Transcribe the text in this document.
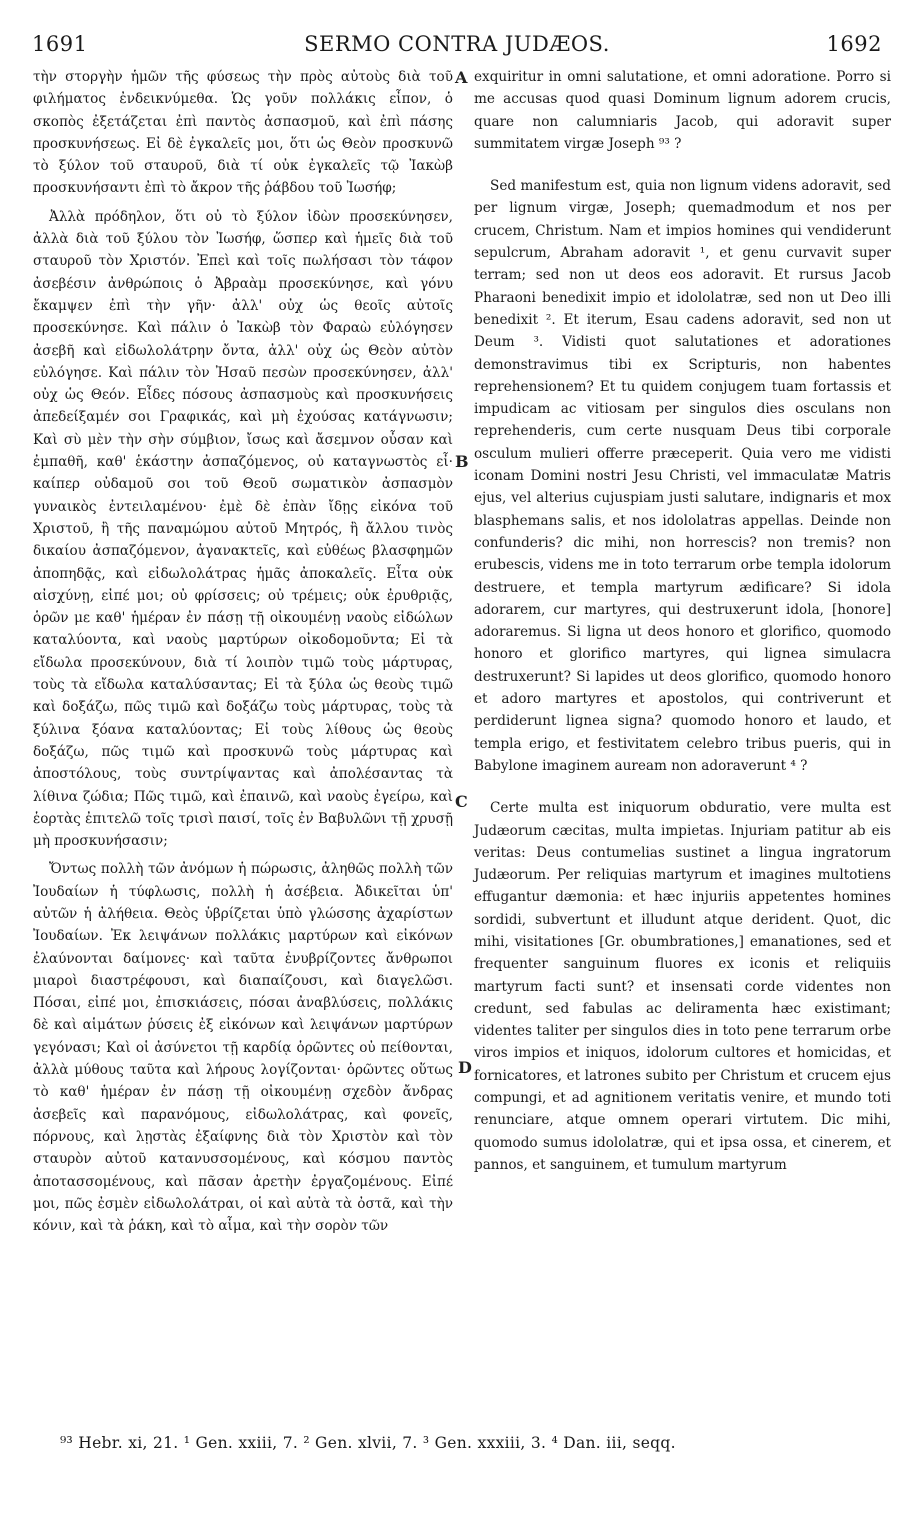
1691	SERMO CONTRA JUDÆOS.	1692

τὴν στοργὴν ἡμῶν τῆς φύσεως τὴν πρὸς αὐτοὺς διὰ τοῦ φιλήματος ἐνδεικνύμεθα. Ὡς γοῦν πολλάκις εἶπον, ὁ σκοπὸς ἐξετάζεται ἐπὶ παντὸς ἀσπασμοῦ, καὶ ἐπὶ πάσης προσκυνήσεως. Εἰ δὲ ἐγκαλεῖς μοι, ὅτι ὡς Θεὸν προσκυνῶ τὸ ξύλον τοῦ σταυροῦ, διὰ τί οὐκ ἐγκαλεῖς τῷ Ἰακὼβ προσκυνήσαντι ἐπὶ τὸ ἄκρον τῆς ῥάβδου τοῦ Ἰωσήφ;

Ἀλλὰ πρόδηλον, ὅτι οὐ τὸ ξύλον ἰδὼν προσεκύνησεν, ἀλλὰ διὰ τοῦ ξύλου τὸν Ἰωσήφ, ὥσπερ καὶ ἡμεῖς διὰ τοῦ σταυροῦ τὸν Χριστόν. Ἐπεὶ καὶ τοῖς πωλήσασι τὸν τάφον ἀσεβέσιν ἀνθρώποις ὁ Ἀβραὰμ προσεκύνησε, καὶ γόνυ ἔκαμψεν ἐπὶ τὴν γῆν· ἀλλ' οὐχ ὡς θεοῖς αὐτοῖς προσεκύνησε. Καὶ πάλιν ὁ Ἰακὼβ τὸν Φαραὼ εὐλόγησεν ἀσεβῆ καὶ εἰδωλολάτρην ὄντα, ἀλλ' οὐχ ὡς Θεὸν αὐτὸν εὐλόγησε. Καὶ πάλιν τὸν Ἠσαῦ πεσὼν προσεκύνησεν, ἀλλ' οὐχ ὡς Θεόν. Εἶδες πόσους ἀσπασμοὺς καὶ προσκυνήσεις ἀπεδείξαμέν σοι Γραφικάς, καὶ μὴ ἐχούσας κατάγνωσιν; Καὶ σὺ μὲν τὴν σὴν σύμβιον, ἴσως καὶ ἄσεμνον οὖσαν καὶ ἐμπαθῆ, καθ' ἑκάστην ἀσπαζόμενος, οὐ καταγνωστὸς εἶ· καίπερ οὐδαμοῦ σοι τοῦ Θεοῦ σωματικὸν ἀσπασμὸν γυναικὸς ἐντειλαμένου· ἐμὲ δὲ ἐπὰν ἴδῃς εἰκόνα τοῦ Χριστοῦ, ἢ τῆς παναμώμου αὐτοῦ Μητρός, ἢ ἄλλου τινὸς δικαίου ἀσπαζόμενον, ἀγανακτεῖς, καὶ εὐθέως βλασφημῶν ἀποπηδᾷς, καὶ εἰδωλολάτρας ἡμᾶς ἀποκαλεῖς. Εἶτα οὐκ αἰσχύνῃ, εἰπέ μοι; οὐ φρίσσεις; οὐ τρέμεις; οὐκ ἐρυθριᾷς, ὁρῶν με καθ' ἡμέραν ἐν πάσῃ τῇ οἰκουμένῃ ναοὺς εἰδώλων καταλύοντα, καὶ ναοὺς μαρτύρων οἰκοδομοῦντα; Εἰ τὰ εἴδωλα προσεκύνουν, διὰ τί λοιπὸν τιμῶ τοὺς μάρτυρας, τοὺς τὰ εἴδωλα καταλύσαντας; Εἰ τὰ ξύλα ὡς θεοὺς τιμῶ καὶ δοξάζω, πῶς τιμῶ καὶ δοξάζω τοὺς μάρτυρας, τοὺς τὰ ξύλινα ξόανα καταλύοντας; Εἰ τοὺς λίθους ὡς θεοὺς δοξάζω, πῶς τιμῶ καὶ προσκυνῶ τοὺς μάρτυρας καὶ ἀποστόλους, τοὺς συντρίψαντας καὶ ἀπολέσαντας τὰ λίθινα ζώδια; Πῶς τιμῶ, καὶ ἐπαινῶ, καὶ ναοὺς ἐγείρω, καὶ ἑορτὰς ἐπιτελῶ τοῖς τρισὶ παισί, τοῖς ἐν Βαβυλῶνι τῇ χρυσῇ μὴ προσκυνήσασιν;

Ὄντως πολλὴ τῶν ἀνόμων ἡ πώρωσις, ἀληθῶς πολλὴ τῶν Ἰουδαίων ἡ τύφλωσις, πολλὴ ἡ ἀσέβεια. Ἀδικεῖται ὑπ' αὐτῶν ἡ ἀλήθεια. Θεὸς ὑβρίζεται ὑπὸ γλώσσης ἀχαρίστων Ἰουδαίων. Ἐκ λειψάνων πολλάκις μαρτύρων καὶ εἰκόνων ἐλαύνονται δαίμονες· καὶ ταῦτα ἐνυβρίζοντες ἄνθρωποι μιαροὶ διαστρέφουσι, καὶ διαπαίζουσι, καὶ διαγελῶσι. Πόσαι, εἰπέ μοι, ἐπισκιάσεις, πόσαι ἀναβλύσεις, πολλάκις δὲ καὶ αἱμάτων ῥύσεις ἐξ εἰκόνων καὶ λειψάνων μαρτύρων γεγόνασι; Καὶ οἱ ἀσύνετοι τῇ καρδίᾳ ὁρῶντες οὐ πείθονται, ἀλλὰ μύθους ταῦτα καὶ λήρους λογίζονται· ὁρῶντες οὕτως τὸ καθ' ἡμέραν ἐν πάσῃ τῇ οἰκουμένῃ σχεδὸν ἄνδρας ἀσεβεῖς καὶ παρανόμους, εἰδωλολάτρας, καὶ φονεῖς, πόρνους, καὶ λῃστὰς ἐξαίφνης διὰ τὸν Χριστὸν καὶ τὸν σταυρὸν αὐτοῦ κατανυσσομένους, καὶ κόσμου παντὸς ἀποτασσομένους, καὶ πᾶσαν ἀρετὴν ἐργαζομένους. Εἰπέ μοι, πῶς ἐσμὲν εἰδωλολάτραι, οἱ καὶ αὐτὰ τὰ ὀστᾶ, καὶ τὴν κόνιν, καὶ τὰ ῥάκη, καὶ τὸ αἷμα, καὶ τὴν σορὸν τῶν

exquiritur in omni salutatione, et omni adoratione. Porro si me accusas quod quasi Dominum lignum adorem crucis, quare non calumniaris Jacob, qui adoravit super summitatem virgæ Joseph ⁹³ ?

Sed manifestum est, quia non lignum videns adoravit, sed per lignum virgæ, Joseph; quemadmodum et nos per crucem, Christum. Nam et impios homines qui vendiderunt sepulcrum, Abraham adoravit ¹, et genu curvavit super terram; sed non ut deos eos adoravit. Et rursus Jacob Pharaoni benedixit impio et idololatræ, sed non ut Deo illi benedixit ². Et iterum, Esau cadens adoravit, sed non ut Deum ³. Vidisti quot salutationes et adorationes demonstravimus tibi ex Scripturis, non habentes reprehensionem? Et tu quidem conjugem tuam fortassis et impudicam ac vitiosam per singulos dies osculans non reprehenderis, cum certe nusquam Deus tibi corporale osculum mulieri offerre præceperit. Quia vero me vidisti iconam Domini nostri Jesu Christi, vel immaculatæ Matris ejus, vel alterius cujuspiam justi salutare, indignaris et mox blasphemans salis, et nos idololatras appellas. Deinde non confunderis? dic mihi, non horrescis? non tremis? non erubescis, videns me in toto terrarum orbe templa idolorum destruere, et templa martyrum ædificare? Si idola adorarem, cur martyres, qui destruxerunt idola, [honore] adoraremus. Si ligna ut deos honoro et glorifico, quomodo honoro et glorifico martyres, qui lignea simulacra destruxerunt? Si lapides ut deos glorifico, quomodo honoro et adoro martyres et apostolos, qui contriverunt et perdiderunt lignea signa? quomodo honoro et laudo, et templa erigo, et festivitatem celebro tribus pueris, qui in Babylone imaginem auream non adoraverunt ⁴ ?

Certe multa est iniquorum obduratio, vere multa est Judæorum cæcitas, multa impietas. Injuriam patitur ab eis veritas: Deus contumelias sustinet a lingua ingratorum Judæorum. Per reliquias martyrum et imagines multotiens effugantur dæmonia: et hæc injuriis appetentes homines sordidi, subvertunt et illudunt atque derident. Quot, dic mihi, visitationes [Gr. obumbrationes,] emanationes, sed et frequenter sanguinum fluores ex iconis et reliquiis martyrum facti sunt? et insensati corde videntes non credunt, sed fabulas ac deliramenta hæc existimant; videntes taliter per singulos dies in toto pene terrarum orbe viros impios et iniquos, idolorum cultores et homicidas, et fornicatores, et latrones subito per Christum et crucem ejus compungi, et ad agnitionem veritatis venire, et mundo toti renunciare, atque omnem operari virtutem. Dic mihi, quomodo sumus idololatræ, qui et ipsa ossa, et cinerem, et pannos, et sanguinem, et tumulum martyrum

A
B
C
D
⁹³ Hebr. xi, 21. ¹ Gen. xxiii, 7. ² Gen. xlvii, 7. ³ Gen. xxxiii, 3. ⁴ Dan. iii, seqq.
